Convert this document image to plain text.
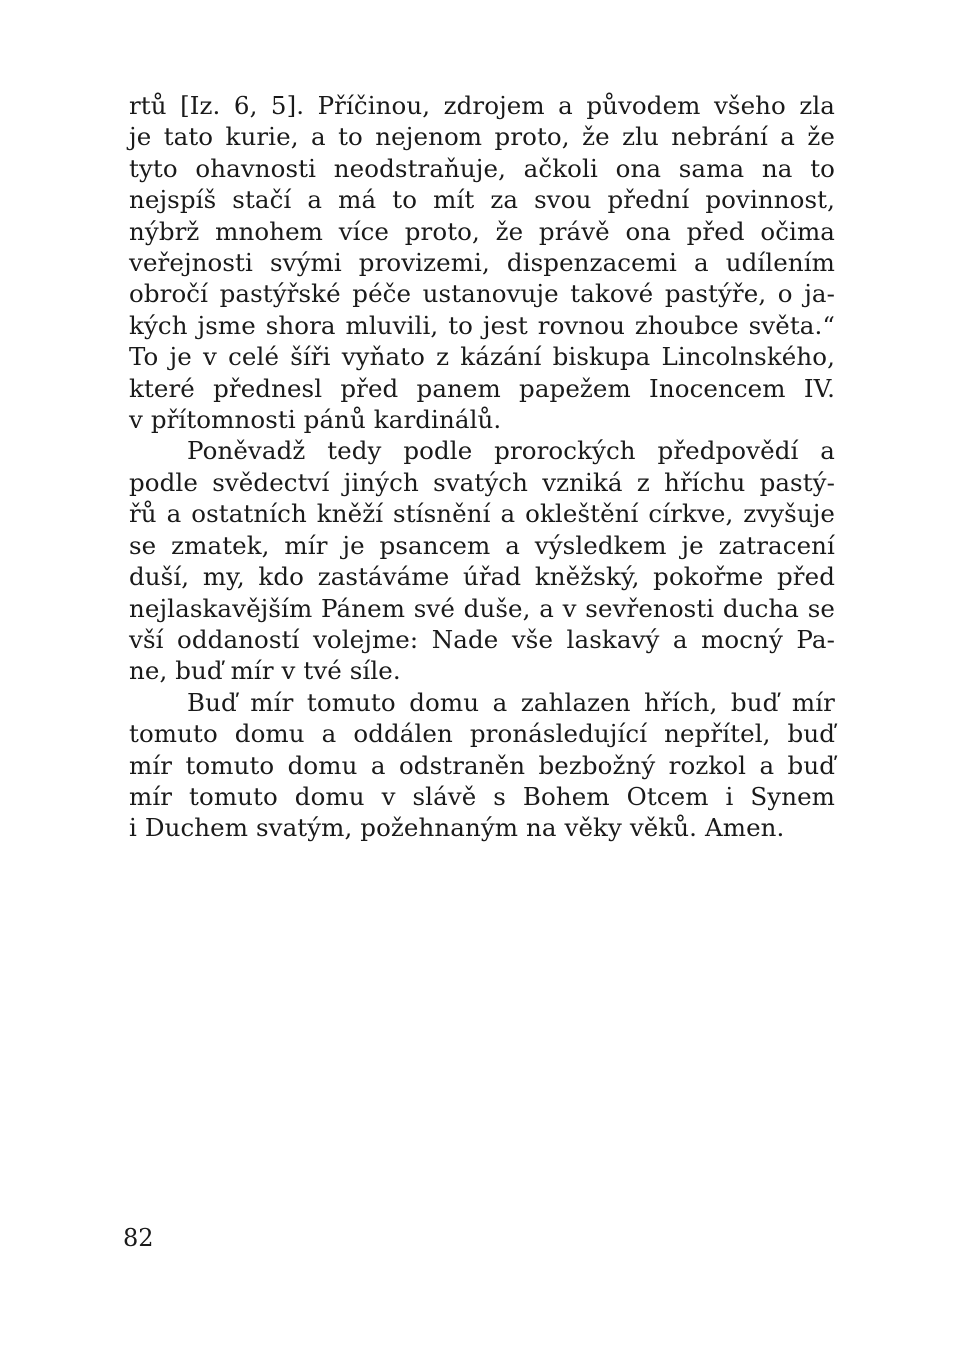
rtů [Iz. 6, 5]. Příčinou, zdrojem a původem všeho zla
je tato kurie, a to nejenom proto, že zlu nebrání a že
tyto ohavnosti neodstraňuje, ačkoli ona sama na to
nejspíš stačí a má to mít za svou přední povinnost,
nýbrž mnohem více proto, že právě ona před očima
veřejnosti svými provizemi, dispenzacemi a udílením
obročí pastýřské péče ustanovuje takové pastýře, o ja-
kých jsme shora mluvili, to jest rovnou zhoubce světa.“
To je v celé šíři vyňato z kázání biskupa Lincolnského,
které přednesl před panem papežem Inocencem IV.
v přítomnosti pánů kardinálů.
Poněvadž tedy podle prorockých předpovědí a
podle svědectví jiných svatých vzniká z hříchu pastý-
řů a ostatních kněží stísnění a okleštění církve, zvyšuje
se zmatek, mír je psancem a výsledkem je zatracení
duší, my, kdo zastáváme úřad kněžský, pokořme před
nejlaskavějším Pánem své duše, a v sevřenosti ducha se
vší oddaností volejme: Nade vše laskavý a mocný Pa-
ne, buď mír v tvé síle.
Buď mír tomuto domu a zahlazen hřích, buď mír
tomuto domu a oddálen pronásledující nepřítel, buď
mír tomuto domu a odstraněn bezbožný rozkol a buď
mír tomuto domu v slávě s Bohem Otcem i Synem
i Duchem svatým, požehnaným na věky věků. Amen.
82
